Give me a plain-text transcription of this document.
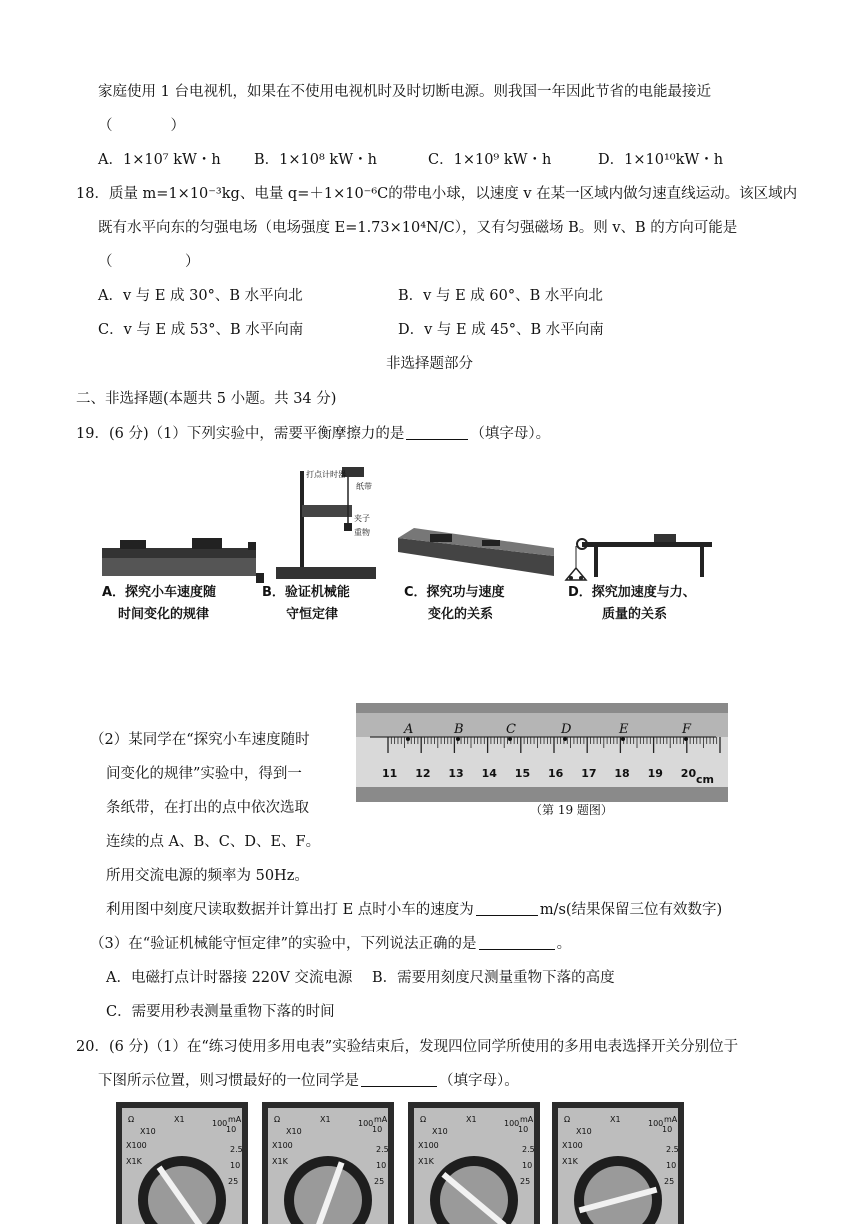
家庭使用 1 台电视机，如果在不使用电视机时及时切断电源。则我国一年因此节省的电能最接近
（　　　　）
A．1×10⁷ kW・h B．1×10⁸ kW・h	C．1×10⁹ kW・h	D．1×10¹⁰kW・h
18．质量 m=1×10⁻³kg、电量 q=＋1×10⁻⁶C的带电小球，以速度 v 在某一区域内做匀速直线运动。该区域内
既有水平向东的匀强电场（电场强度 E=1.73×10⁴N/C），又有匀强磁场 B。则 v、B 的方向可能是
（　　　　　）
A．v 与 E 成 30°、B 水平向北	B．v 与 E 成 60°、B 水平向北
C．v 与 E 成 53°、B 水平向南	D．v 与 E 成 45°、B 水平向南
非选择题部分
二、非选择题(本题共 5 小题。共 34 分)
19．(6 分)（1）下列实验中，需要平衡摩擦力的是	（填字母）。
A．探究小车速度随
时间变化的规律
打点计时器
纸带
夹子
重物
B．验证机械能
守恒定律
C．探究功与速度
变化的关系
D．探究加速度与力、
质量的关系
（2）某同学在“探究小车速度随时
间变化的规律”实验中，得到一
条纸带，在打出的点中依次选取
连续的点 A、B、C、D、E、F。
所用交流电源的频率为 50Hz。
11 12 13 14 15 16 17 18 19 20
A	B	C	D	E	F
cm
（第 19 题图）
利用图中刻度尺读取数据并计算出打 E 点时小车的速度为	m/s(结果保留三位有效数字)
（3）在“验证机械能守恒定律”的实验中，下列说法正确的是	。
A．电磁打点计时器接 220V 交流电源 B．需要用刻度尺测量重物下落的高度
C．需要用秒表测量重物下落的时间
20．(6 分)（1）在“练习使用多用电表”实验结束后，发现四位同学所使用的多用电表选择开关分别位于
下图所示位置，则习惯最好的一位同学是	（填字母）。
Ω
X10
X1
X100
X1K
100
10
mA
2.5
10
25
Ω
X10
X1
X100
X1K
100
10
mA
2.5
10
25
Ω
X10
X1
X100
X1K
100
10
mA
2.5
10
25
Ω
X10
X1
X100
X1K
100
10
mA
2.5
10
25
